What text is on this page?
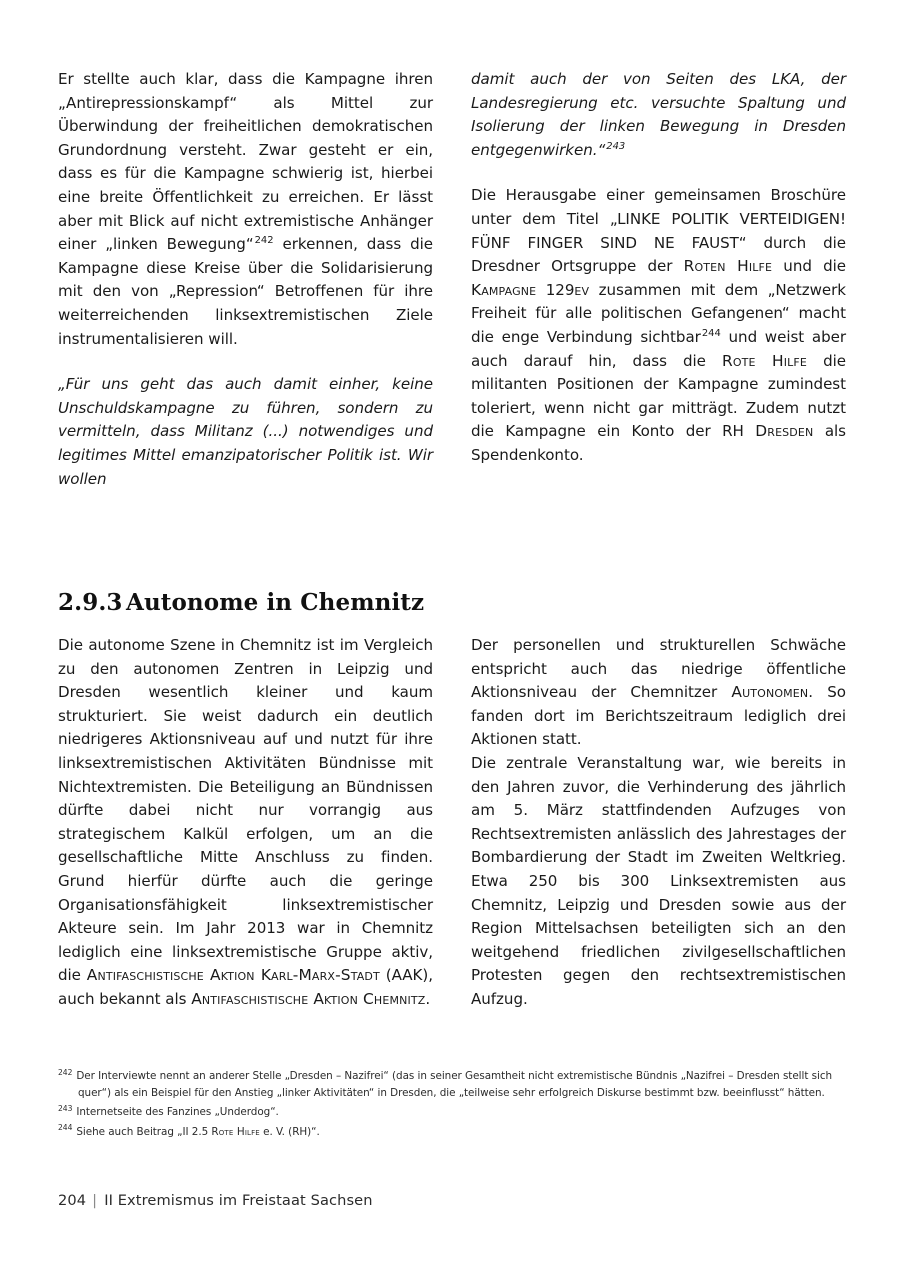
Er stellte auch klar, dass die Kampagne ihren „Antirepressionskampf“ als Mittel zur Überwindung der freiheitlichen demokratischen Grundordnung versteht. Zwar gesteht er ein, dass es für die Kampagne schwierig ist, hierbei eine breite Öffentlichkeit zu erreichen. Er lässt aber mit Blick auf nicht extremistische Anhänger einer „linken Bewegung“$^{242}$ erkennen, dass die Kampagne diese Kreise über die Solidarisierung mit den von „Repression“ Betroffenen für ihre weiterreichenden linksextremistischen Ziele instrumentalisieren will.

„Für uns geht das auch damit einher, keine Unschuldskampagne zu führen, sondern zu vermitteln, dass Militanz (...) notwendiges und legitimes Mittel emanzipatorischer Politik ist. Wir wollen

damit auch der von Seiten des LKA, der Landesregierung etc. versuchte Spaltung und Isolierung der linken Bewegung in Dresden entgegenwirken.“$^{243}$

Die Herausgabe einer gemeinsamen Broschüre unter dem Titel „LINKE POLITIK VERTEIDIGEN! FÜNF FINGER SIND NE FAUST“ durch die Dresdner Ortsgruppe der Roten Hilfe und die Kampagne 129ev zusammen mit dem „Netzwerk Freiheit für alle politischen Gefangenen“ macht die enge Verbindung sichtbar$^{244}$ und weist aber auch darauf hin, dass die Rote Hilfe die militanten Positionen der Kampagne zumindest toleriert, wenn nicht gar mitträgt. Zudem nutzt die Kampagne ein Konto der RH Dresden als Spendenkonto.

2.9.3 Autonome in Chemnitz

Die autonome Szene in Chemnitz ist im Vergleich zu den autonomen Zentren in Leipzig und Dresden wesentlich kleiner und kaum strukturiert. Sie weist dadurch ein deutlich niedrigeres Aktionsniveau auf und nutzt für ihre linksextremistischen Aktivitäten Bündnisse mit Nichtextremisten. Die Beteiligung an Bündnissen dürfte dabei nicht nur vorrangig aus strategischem Kalkül erfolgen, um an die gesellschaftliche Mitte Anschluss zu finden. Grund hierfür dürfte auch die geringe Organisationsfähigkeit linksextremistischer Akteure sein. Im Jahr 2013 war in Chemnitz lediglich eine linksextremistische Gruppe aktiv, die Antifaschistische Aktion Karl-Marx-Stadt (AAK), auch bekannt als Antifaschistische Aktion Chemnitz.

Der personellen und strukturellen Schwäche entspricht auch das niedrige öffentliche Aktionsniveau der Chemnitzer Autonomen. So fanden dort im Berichtszeitraum lediglich drei Aktionen statt.

Die zentrale Veranstaltung war, wie bereits in den Jahren zuvor, die Verhinderung des jährlich am 5. März stattfindenden Aufzuges von Rechtsextremisten anlässlich des Jahrestages der Bombardierung der Stadt im Zweiten Weltkrieg. Etwa 250 bis 300 Linksextremisten aus Chemnitz, Leipzig und Dresden sowie aus der Region Mittelsachsen beteiligten sich an den weitgehend friedlichen zivilgesellschaftlichen Protesten gegen den rechtsextremistischen Aufzug.

$^{242}$ Der Interviewte nennt an anderer Stelle „Dresden – Nazifrei“ (das in seiner Gesamtheit nicht extremistische Bündnis „Nazifrei – Dresden stellt sich
quer“) als ein Beispiel für den Anstieg „linker Aktivitäten“ in Dresden, die „teilweise sehr erfolgreich Diskurse bestimmt bzw. beeinflusst“ hätten.
$^{243}$ Internetseite des Fanzines „Underdog“.
$^{244}$ Siehe auch Beitrag „II 2.5 Rote Hilfe e. V. (RH)“.
204 | II Extremismus im Freistaat Sachsen
